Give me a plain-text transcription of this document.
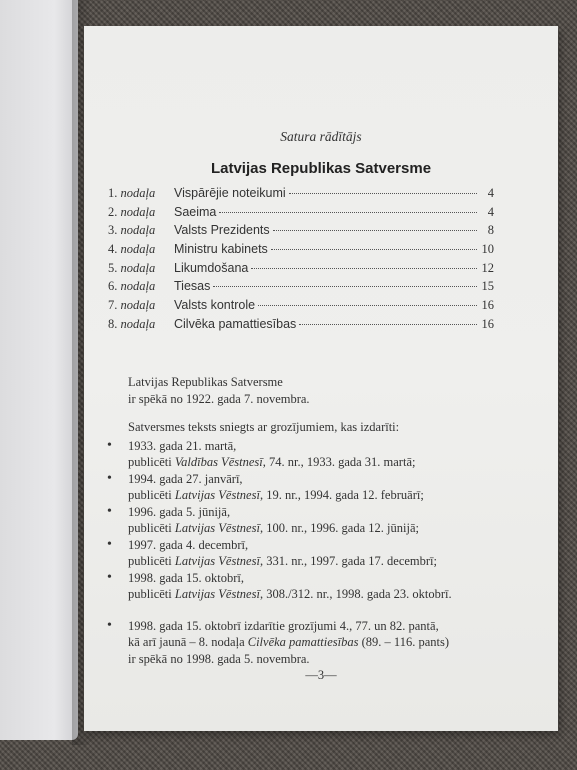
Satura rādītājs
Latvijas Republikas Satversme
1. nodaļa	Vispārējie noteikumi	4
2. nodaļa	Saeima	4
3. nodaļa	Valsts Prezidents	8
4. nodaļa	Ministru kabinets	10
5. nodaļa	Likumdošana	12
6. nodaļa	Tiesas	15
7. nodaļa	Valsts kontrole	16
8. nodaļa	Cilvēka pamattiesības	16
Latvijas Republikas Satversme
ir spēkā no 1922. gada 7. novembra.
Satversmes teksts sniegts ar grozījumiem, kas izdarīti:
• 1933. gada 21. martā,
publicēti Valdības Vēstnesī, 74. nr., 1933. gada 31. martā;
• 1994. gada 27. janvārī,
publicēti Latvijas Vēstnesī, 19. nr., 1994. gada 12. februārī;
• 1996. gada 5. jūnijā,
publicēti Latvijas Vēstnesī, 100. nr., 1996. gada 12. jūnijā;
• 1997. gada 4. decembrī,
publicēti Latvijas Vēstnesī, 331. nr., 1997. gada 17. decembrī;
• 1998. gada 15. oktobrī,
publicēti Latvijas Vēstnesī, 308./312. nr., 1998. gada 23. oktobrī.
• 1998. gada 15. oktobrī izdarītie grozījumi 4., 77. un 82. pantā,
kā arī jaunā – 8. nodaļa Cilvēka pamattiesības (89. – 116. pants)
ir spēkā no 1998. gada 5. novembra.
—3—
